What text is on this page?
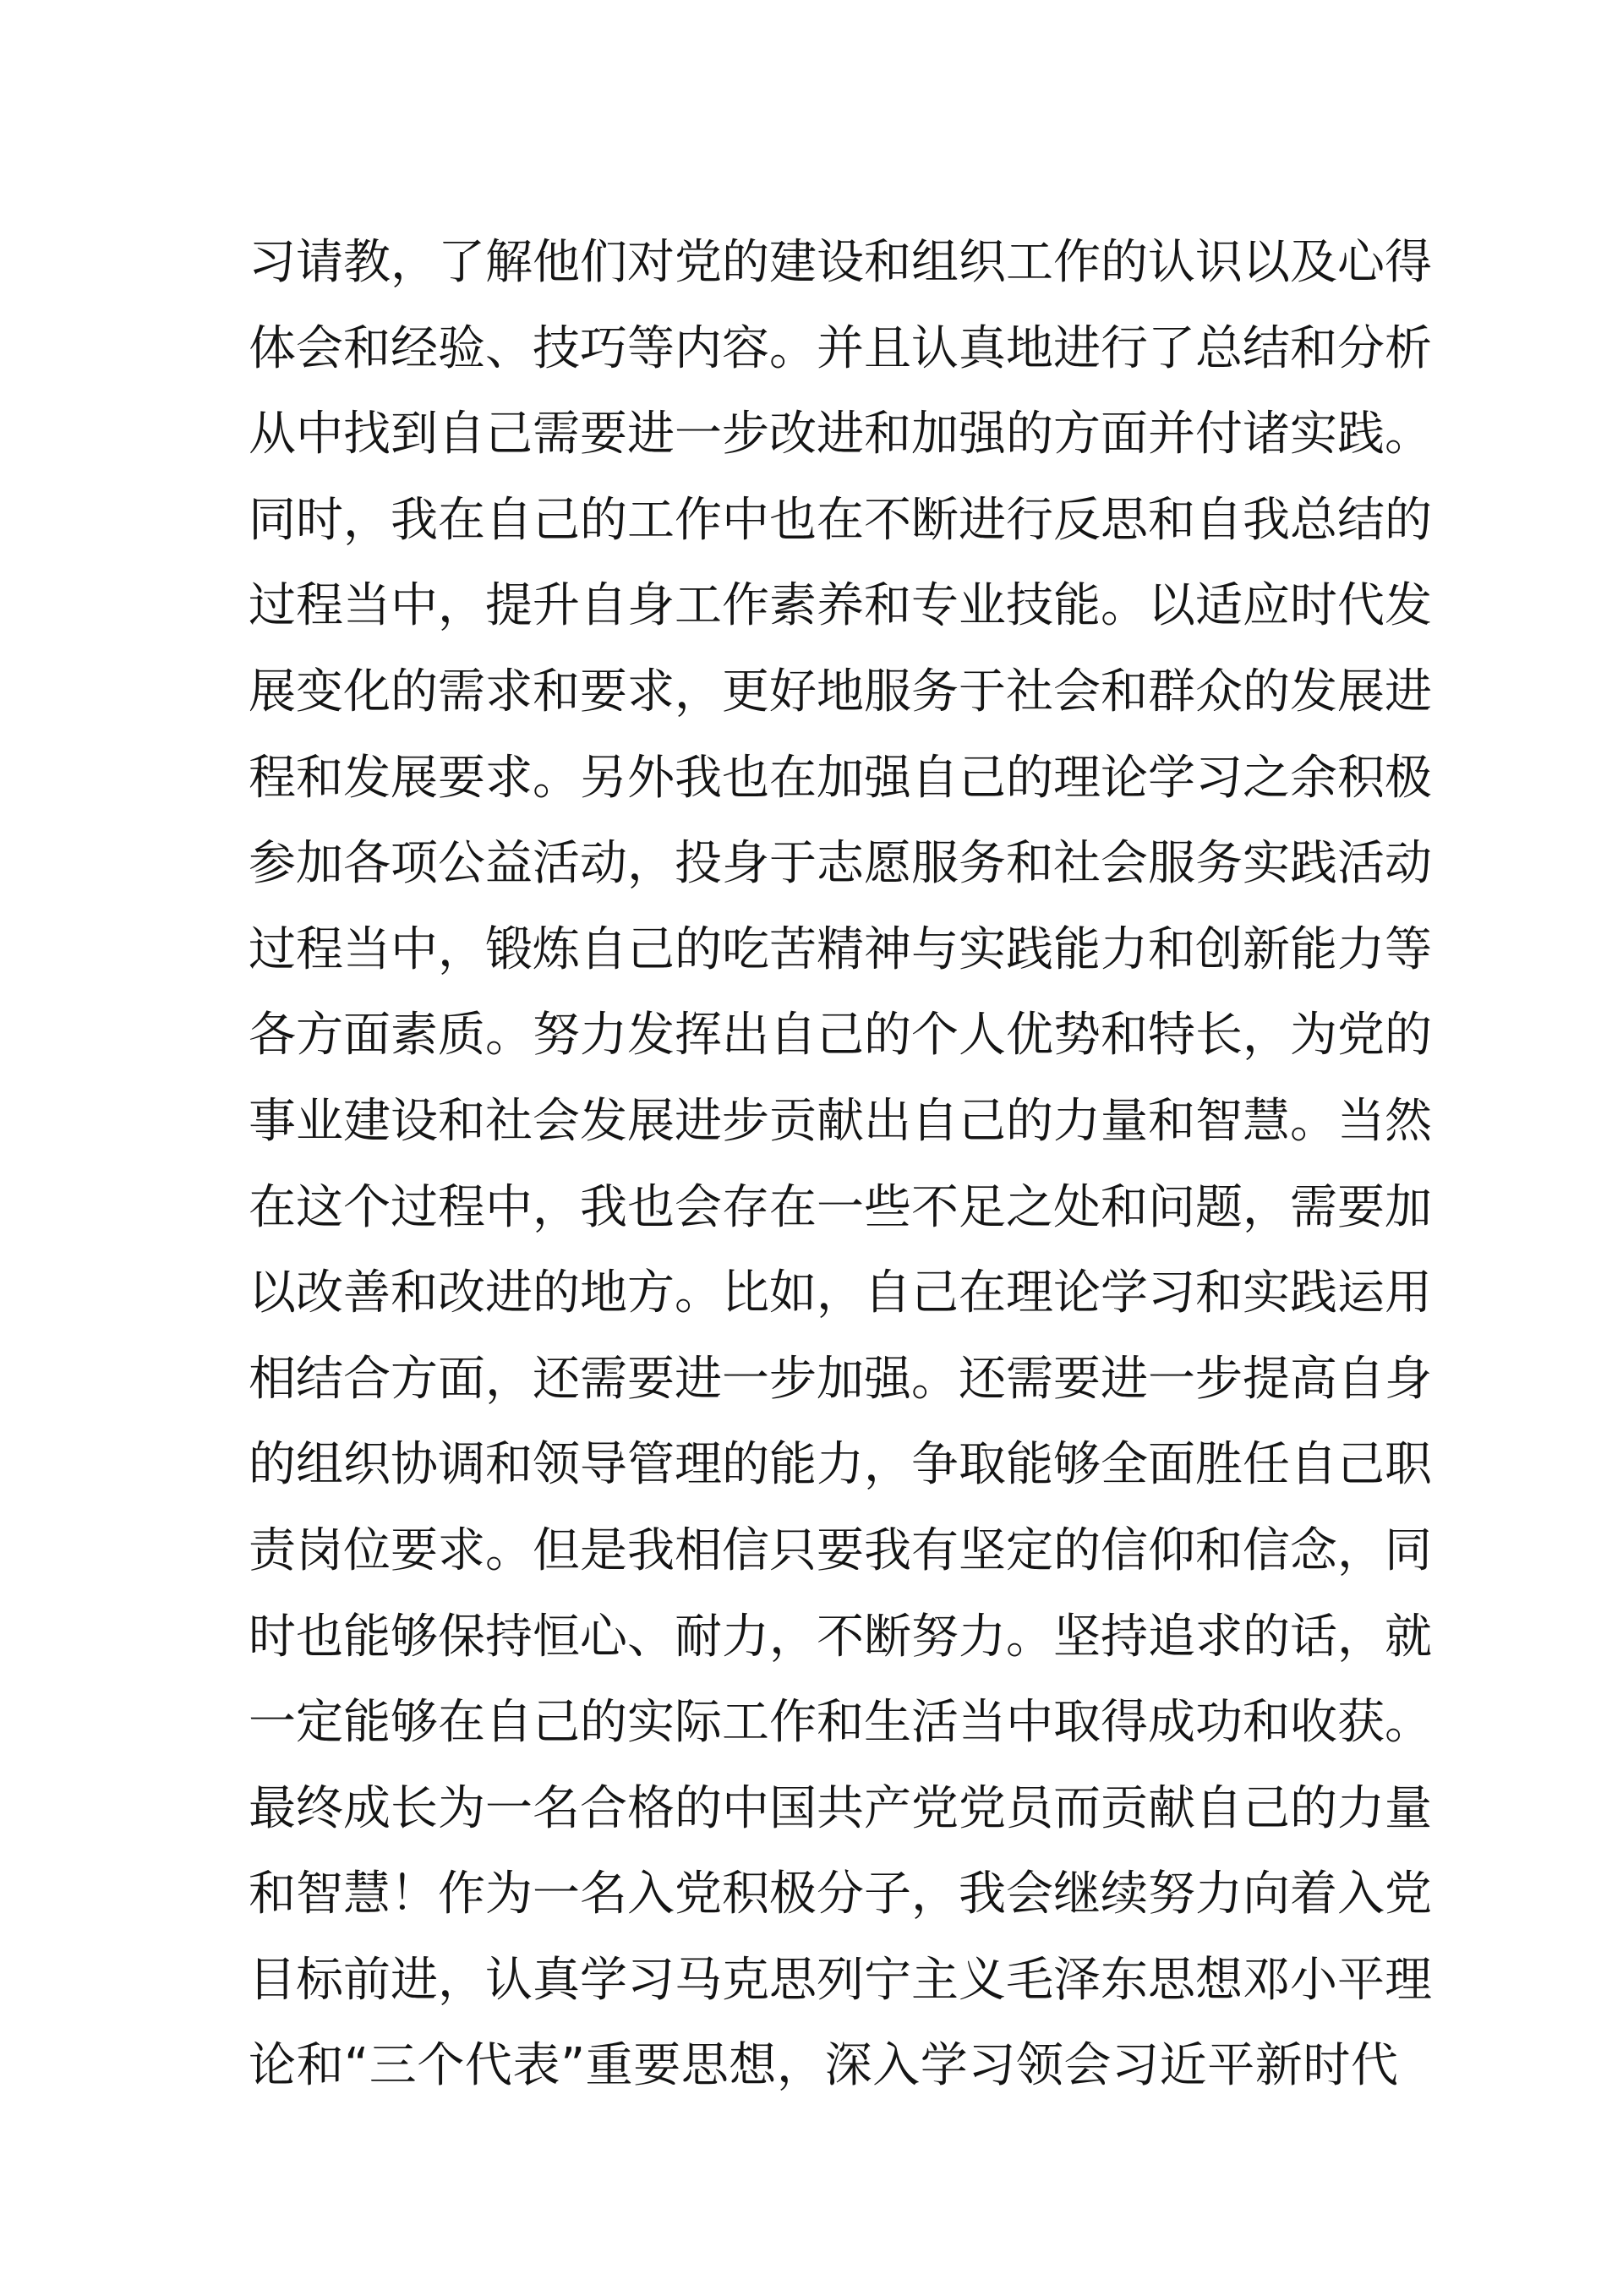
习请教，了解他们对党的建设和组织工作的认识以及心得
体会和经验、技巧等内容。并且认真地进行了总结和分析
从中找到自己需要进一步改进和加强的方面并付诸实践。
同时，我在自己的工作中也在不断进行反思和自我总结的
过程当中，提升自身工作素养和专业技能。以适应时代发
展变化的需求和要求，更好地服务于社会和群众的发展进
程和发展要求。另外我也在加强自己的理论学习之余积极
参加各项公益活动，投身于志愿服务和社会服务实践活动
过程当中，锻炼自己的吃苦精神与实践能力和创新能力等
各方面素质。努力发挥出自己的个人优势和特长，为党的
事业建设和社会发展进步贡献出自己的力量和智慧。当然
在这个过程中，我也会存在一些不足之处和问题，需要加
以改善和改进的地方。比如，自己在理论学习和实践运用
相结合方面，还需要进一步加强。还需要进一步提高自身
的组织协调和领导管理的能力，争取能够全面胜任自己职
责岗位要求。但是我相信只要我有坚定的信仰和信念，同
时也能够保持恒心、耐力，不断努力。坚持追求的话，就
一定能够在自己的实际工作和生活当中取得成功和收获。
最终成长为一名合格的中国共产党党员而贡献自己的力量
和智慧！作为一名入党积极分子，我会继续努力向着入党
目标前进，认真学习马克思列宁主义毛泽东思想邓小平理
论和“三个代表”重要思想，深入学习领会习近平新时代
